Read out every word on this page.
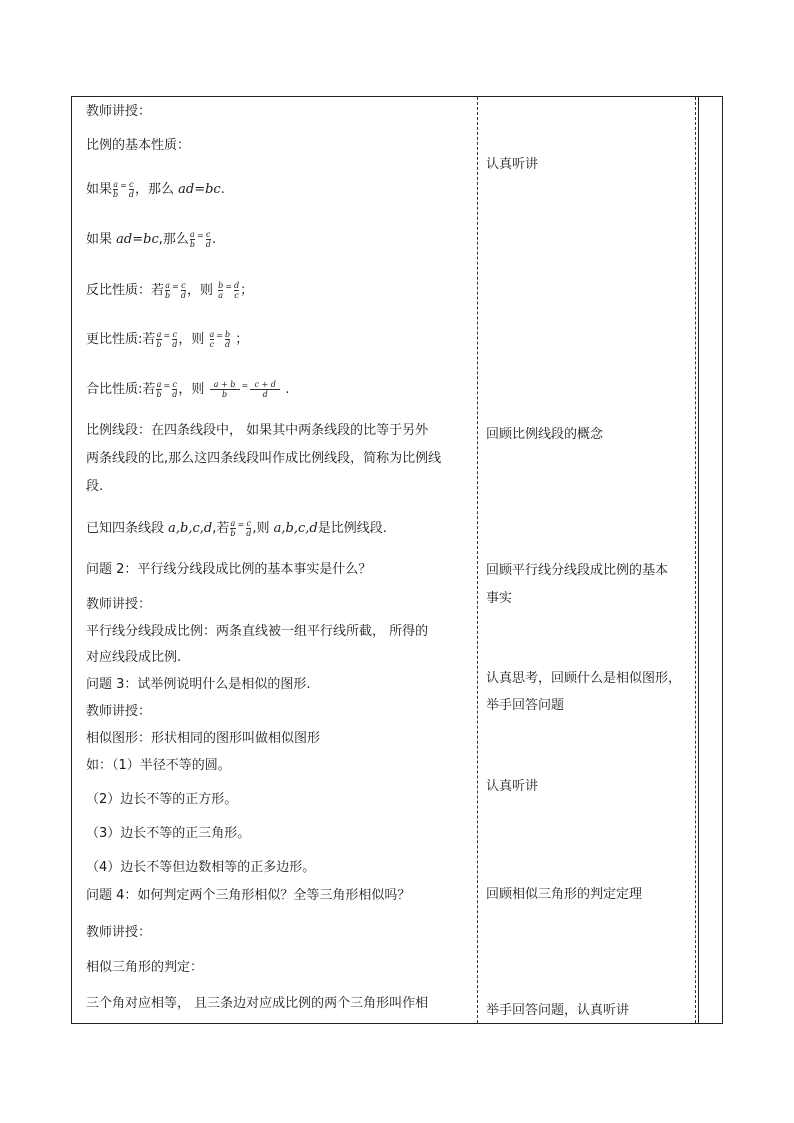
教师讲授：
比例的基本性质：
如果 $\frac{a}{b} = \frac{c}{d}$ ，那么 ad=bc.
如果 ad=bc,那么 $\frac{a}{b} = \frac{c}{d}$ .
反比性质：若 $\frac{a}{b} = \frac{c}{d}$ ，则 $\frac{b}{a} = \frac{d}{c}$ ；
更比性质:若 $\frac{a}{b} = \frac{c}{d}$ ，则 $\frac{a}{c} = \frac{b}{d}$ ；
合比性质:若 $\frac{a}{b} = \frac{c}{d}$ ，则 $\frac{a + b}{b} = \frac{c + d}{d}$ .
比例线段：在四条线段中， 如果其中两条线段的比等于另外
两条线段的比,那么这四条线段叫作成比例线段，简称为比例线
段.
已知四条线段 a,b,c,d,若 $\frac{a}{b} = \frac{c}{d}$ ,则 a,b,c,d是比例线段.
问题 2：平行线分线段成比例的基本事实是什么？
教师讲授：
平行线分线段成比例：两条直线被一组平行线所截， 所得的
对应线段成比例.
问题 3：试举例说明什么是相似的图形.
教师讲授：
相似图形：形状相同的图形叫做相似图形
如：（1）半径不等的圆。
（2）边长不等的正方形。
（3）边长不等的正三角形。
（4）边长不等但边数相等的正多边形。
问题 4：如何判定两个三角形相似？全等三角形相似吗？
教师讲授：
相似三角形的判定：
三个角对应相等， 且三条边对应成比例的两个三角形叫作相
认真听讲
回顾比例线段的概念
回顾平行线分线段成比例的基本
事实
认真思考，回顾什么是相似图形，
举手回答问题
认真听讲
回顾相似三角形的判定定理
举手回答问题，认真听讲
